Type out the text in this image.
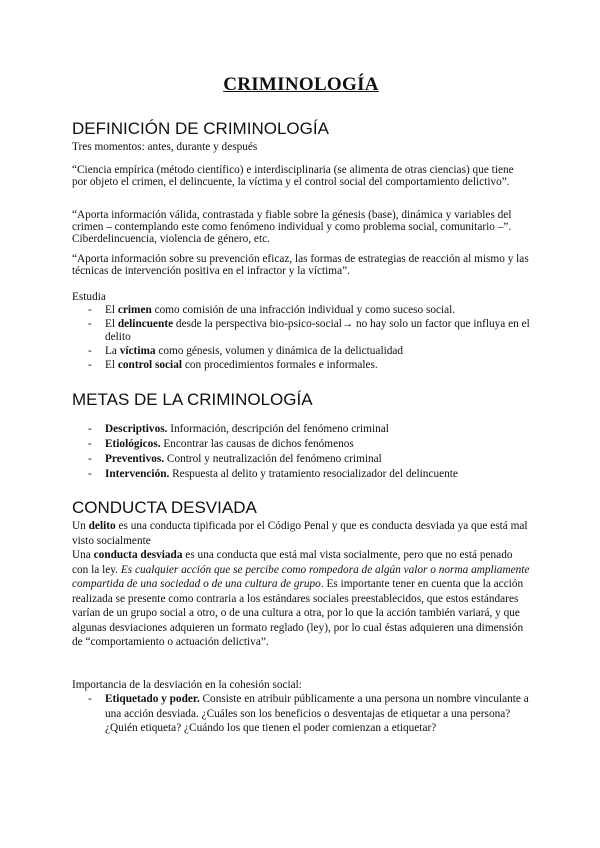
CRIMINOLOGÍA
DEFINICIÓN DE CRIMINOLOGÍA

Tres momentos: antes, durante y después

“Ciencia empírica (método científico) e interdisciplinaria (se alimenta de otras ciencias) que tiene por objeto el crimen, el delincuente, la víctima y el control social del comportamiento delictivo”.

“Aporta información válida, contrastada y fiable sobre la génesis (base), dinámica y variables del crimen – contemplando este como fenómeno individual y como problema social, comunitario –”. Ciberdelincuencia, violencia de género, etc.

“Aporta información sobre su prevención eficaz, las formas de estrategias de reacción al mismo y las técnicas de intervención positiva en el infractor y la víctima”.

Estudia

- El crimen como comisión de una infracción individual y como suceso social.
- El delincuente desde la perspectiva bio-psico-social→ no hay solo un factor que influya en el delito
- La víctima como génesis, volumen y dinámica de la delictualidad
- El control social con procedimientos formales e informales.
METAS DE LA CRIMINOLOGÍA
- Descriptivos. Información, descripción del fenómeno criminal
- Etiológicos. Encontrar las causas de dichos fenómenos
- Preventivos. Control y neutralización del fenómeno criminal
- Intervención. Respuesta al delito y tratamiento resocializador del delincuente
CONDUCTA DESVIADA

Un delito es una conducta tipificada por el Código Penal y que es conducta desviada ya que está mal visto socialmente

Una conducta desviada es una conducta que está mal vista socialmente, pero que no está penado con la ley. Es cualquier acción que se percibe como rompedora de algún valor o norma ampliamente compartida de una sociedad o de una cultura de grupo. Es importante tener en cuenta que la acción realizada se presente como contraria a los estándares sociales preestablecidos, que estos estándares varían de un grupo social a otro, o de una cultura a otra, por lo que la acción también variará, y que algunas desviaciones adquieren un formato reglado (ley), por lo cual éstas adquieren una dimensión de “comportamiento o actuación delictiva”.

Importancia de la desviación en la cohesión social:

- Etiquetado y poder. Consiste en atribuir públicamente a una persona un nombre vinculante a una acción desviada. ¿Cuáles son los beneficios o desventajas de etiquetar a una persona? ¿Quién etiqueta? ¿Cuándo los que tienen el poder comienzan a etiquetar?
